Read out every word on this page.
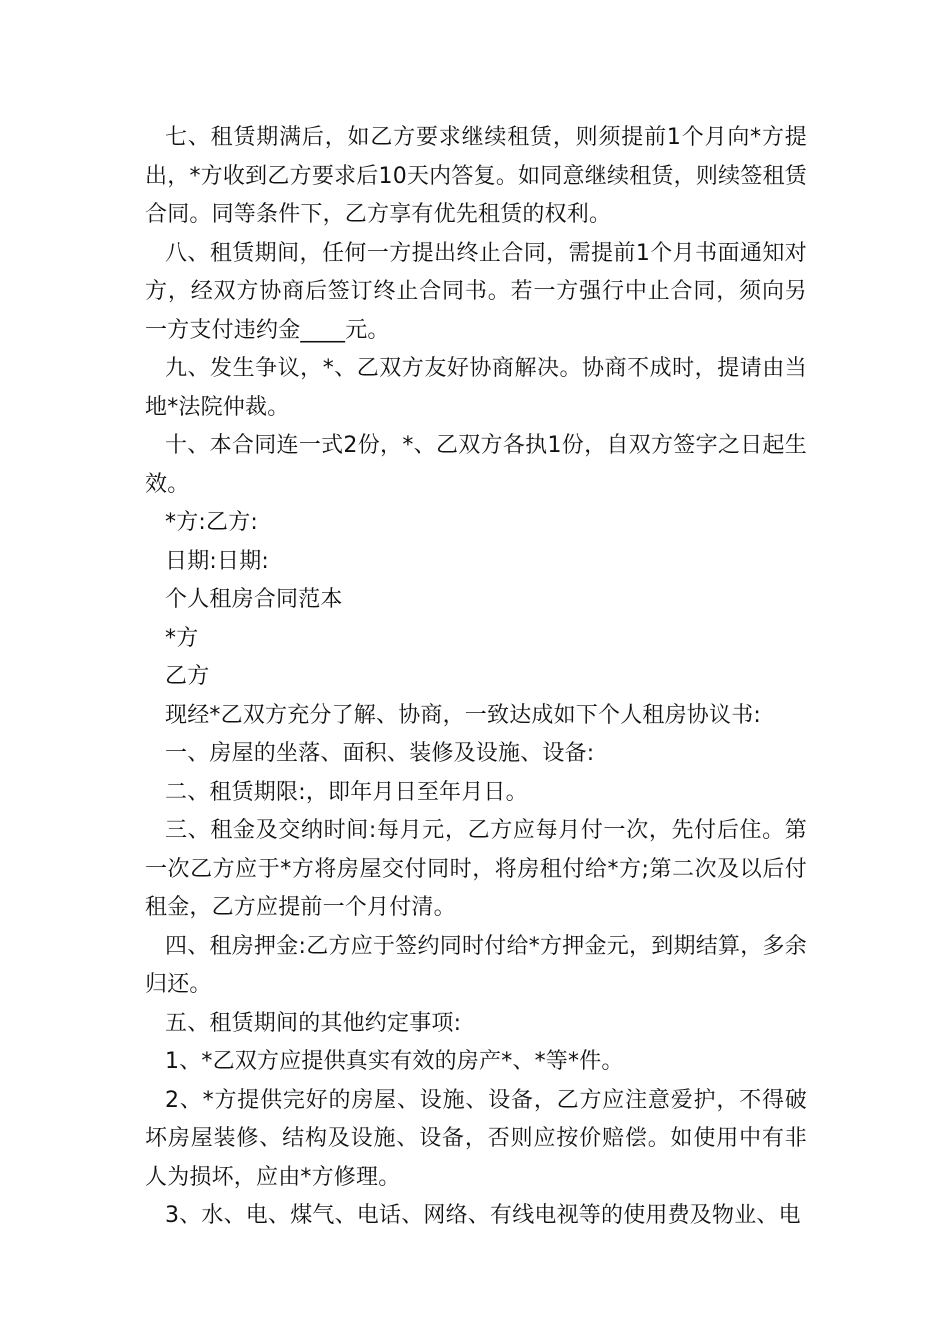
七、租赁期满后，如乙方要求继续租赁，则须提前1个月向*方提出，*方收到乙方要求后10天内答复。如同意继续租赁，则续签租赁合同。同等条件下，乙方享有优先租赁的权利。

八、租赁期间，任何一方提出终止合同，需提前1个月书面通知对方，经双方协商后签订终止合同书。若一方强行中止合同，须向另一方支付违约金____元。

九、发生争议，*、乙双方友好协商解决。协商不成时，提请由当地*法院仲裁。

十、本合同连一式2份，*、乙双方各执1份，自双方签字之日起生效。

*方:乙方:

日期:日期:

个人租房合同范本

*方

乙方

现经*乙双方充分了解、协商，一致达成如下个人租房协议书:

一、房屋的坐落、面积、装修及设施、设备:

二、租赁期限:，即年月日至年月日。

三、租金及交纳时间:每月元，乙方应每月付一次，先付后住。第一次乙方应于*方将房屋交付同时，将房租付给*方;第二次及以后付租金，乙方应提前一个月付清。

四、租房押金:乙方应于签约同时付给*方押金元，到期结算，多余归还。

五、租赁期间的其他约定事项:

1、*乙双方应提供真实有效的房产*、*等*件。

2、*方提供完好的房屋、设施、设备，乙方应注意爱护，不得破坏房屋装修、结构及设施、设备，否则应按价赔偿。如使用中有非人为损坏，应由*方修理。

3、水、电、煤气、电话、网络、有线电视等的使用费及物业、电
